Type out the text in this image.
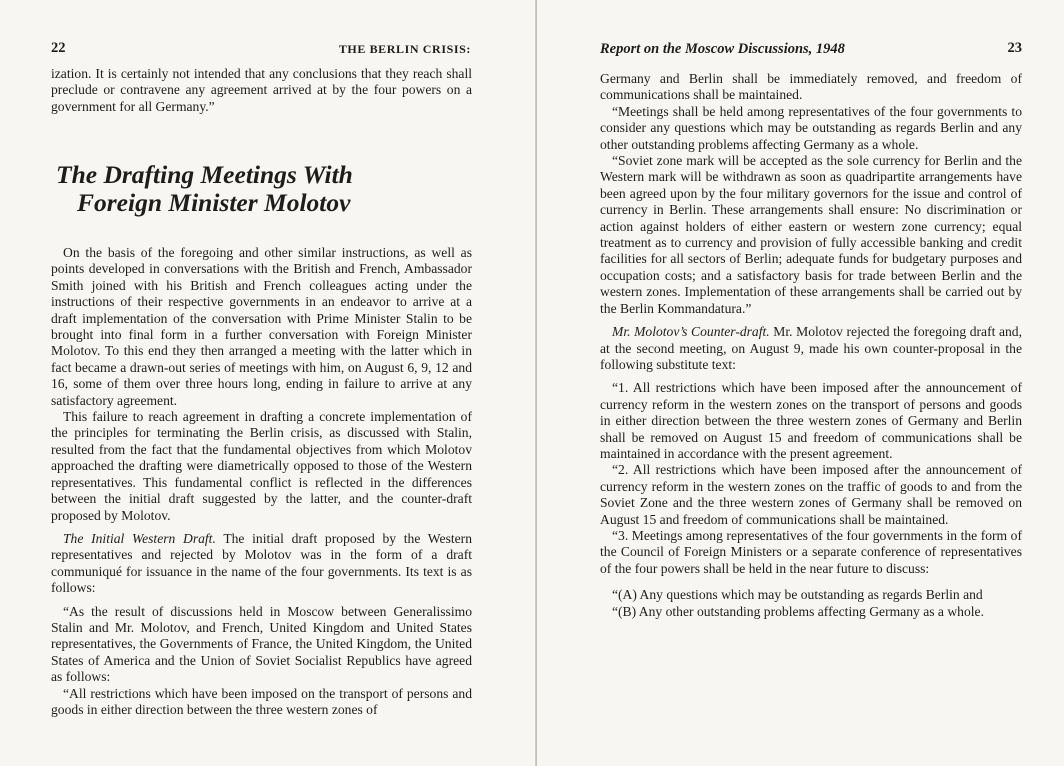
22	THE BERLIN CRISIS:

ization. It is certainly not intended that any conclusions that they reach shall preclude or contravene any agreement arrived at by the four powers on a government for all Germany.”

The Drafting Meetings With
Foreign Minister Molotov

On the basis of the foregoing and other similar instructions, as well as points developed in conversations with the British and French, Ambassador Smith joined with his British and French colleagues acting under the instructions of their respective governments in an endeavor to arrive at a draft implementation of the conversation with Prime Minister Stalin to be brought into final form in a further conversation with Foreign Minister Molotov. To this end they then arranged a meeting with the latter which in fact became a drawn-out series of meetings with him, on August 6, 9, 12 and 16, some of them over three hours long, ending in failure to arrive at any satisfactory agreement.

This failure to reach agreement in drafting a concrete implementation of the principles for terminating the Berlin crisis, as discussed with Stalin, resulted from the fact that the fundamental objectives from which Molotov approached the drafting were diametrically opposed to those of the Western representatives. This fundamental conflict is reflected in the differences between the initial draft suggested by the latter, and the counter-draft proposed by Molotov.

The Initial Western Draft. The initial draft proposed by the Western representatives and rejected by Molotov was in the form of a draft communiqué for issuance in the name of the four governments. Its text is as follows:

“As the result of discussions held in Moscow between Generalissimo Stalin and Mr. Molotov, and French, United Kingdom and United States representatives, the Governments of France, the United Kingdom, the United States of America and the Union of Soviet Socialist Republics have agreed as follows:

“All restrictions which have been imposed on the transport of persons and goods in either direction between the three western zones of

Report on the Moscow Discussions, 1948	23

Germany and Berlin shall be immediately removed, and freedom of communications shall be maintained.

“Meetings shall be held among representatives of the four governments to consider any questions which may be outstanding as regards Berlin and any other outstanding problems affecting Germany as a whole.

“Soviet zone mark will be accepted as the sole currency for Berlin and the Western mark will be withdrawn as soon as quadripartite arrangements have been agreed upon by the four military governors for the issue and control of currency in Berlin. These arrangements shall ensure: No discrimination or action against holders of either eastern or western zone currency; equal treatment as to currency and provision of fully accessible banking and credit facilities for all sectors of Berlin; adequate funds for budgetary purposes and occupation costs; and a satisfactory basis for trade between Berlin and the western zones. Implementation of these arrangements shall be carried out by the Berlin Kommandatura.”

Mr. Molotov’s Counter-draft. Mr. Molotov rejected the foregoing draft and, at the second meeting, on August 9, made his own counter-proposal in the following substitute text:

“1. All restrictions which have been imposed after the announcement of currency reform in the western zones on the transport of persons and goods in either direction between the three western zones of Germany and Berlin shall be removed on August 15 and freedom of communications shall be maintained in accordance with the present agreement.

“2. All restrictions which have been imposed after the announcement of currency reform in the western zones on the traffic of goods to and from the Soviet Zone and the three western zones of Germany shall be removed on August 15 and freedom of communications shall be maintained.

“3. Meetings among representatives of the four governments in the form of the Council of Foreign Ministers or a separate conference of representatives of the four powers shall be held in the near future to discuss:

“(A) Any questions which may be outstanding as regards Berlin and

“(B) Any other outstanding problems affecting Germany as a whole.
